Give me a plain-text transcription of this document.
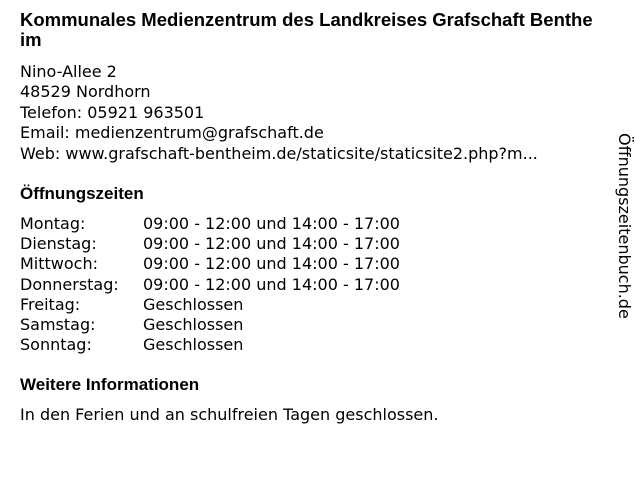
Kommunales Medienzentrum des Landkreises Grafschaft Bentheim
Nino-Allee 2
48529 Nordhorn
Telefon: 05921 963501
Email: medienzentrum@grafschaft.de
Web: www.grafschaft-bentheim.de/staticsite/staticsite2.php?m...
Öffnungszeiten
Montag:	09:00 - 12:00 und 14:00 - 17:00
Dienstag:	09:00 - 12:00 und 14:00 - 17:00
Mittwoch:	09:00 - 12:00 und 14:00 - 17:00
Donnerstag:	09:00 - 12:00 und 14:00 - 17:00
Freitag:	Geschlossen
Samstag:	Geschlossen
Sonntag:	Geschlossen
Weitere Informationen
In den Ferien und an schulfreien Tagen geschlossen.
Öffnungszeitenbuch.de
